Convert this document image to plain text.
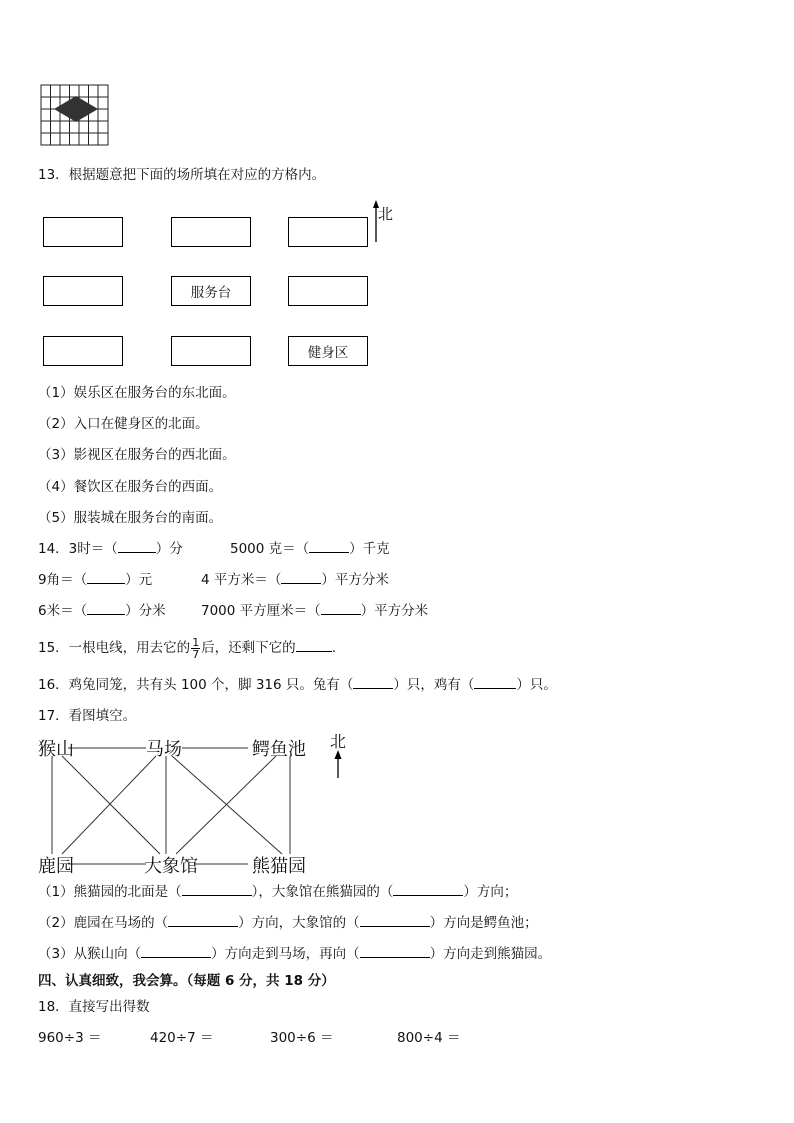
13．根据题意把下面的场所填在对应的方格内。
服务台
健身区
北
（1）娱乐区在服务台的东北面。
（2）入口在健身区的北面。
（3）影视区在服务台的西北面。
（4）餐饮区在服务台的西面。
（5）服装城在服务台的南面。
14．3时＝（	）分	5000 克＝（	）千克
9角＝（	）元	4 平方米＝（	）平方分米
6米＝（	）分米	7000 平方厘米＝（	）平方分米
15．一根电线，用去它的 $\frac{1}{7}$ 后，还剩下它的	.
16．鸡兔同笼，共有头 100 个，脚 316 只。兔有（	）只，鸡有（	）只。
17．看图填空。
猴山	马场	鳄鱼池
鹿园	大象馆	熊猫园
北
（1）熊猫园的北面是（	），大象馆在熊猫园的（	）方向；
（2）鹿园在马场的（	）方向，大象馆的（	）方向是鳄鱼池；
（3）从猴山向（	）方向走到马场，再向（	）方向走到熊猫园。
四、认真细致，我会算。（每题 6 分，共 18 分）
18．直接写出得数
960÷3 ＝	420÷7 ＝	300÷6 ＝	800÷4 ＝
